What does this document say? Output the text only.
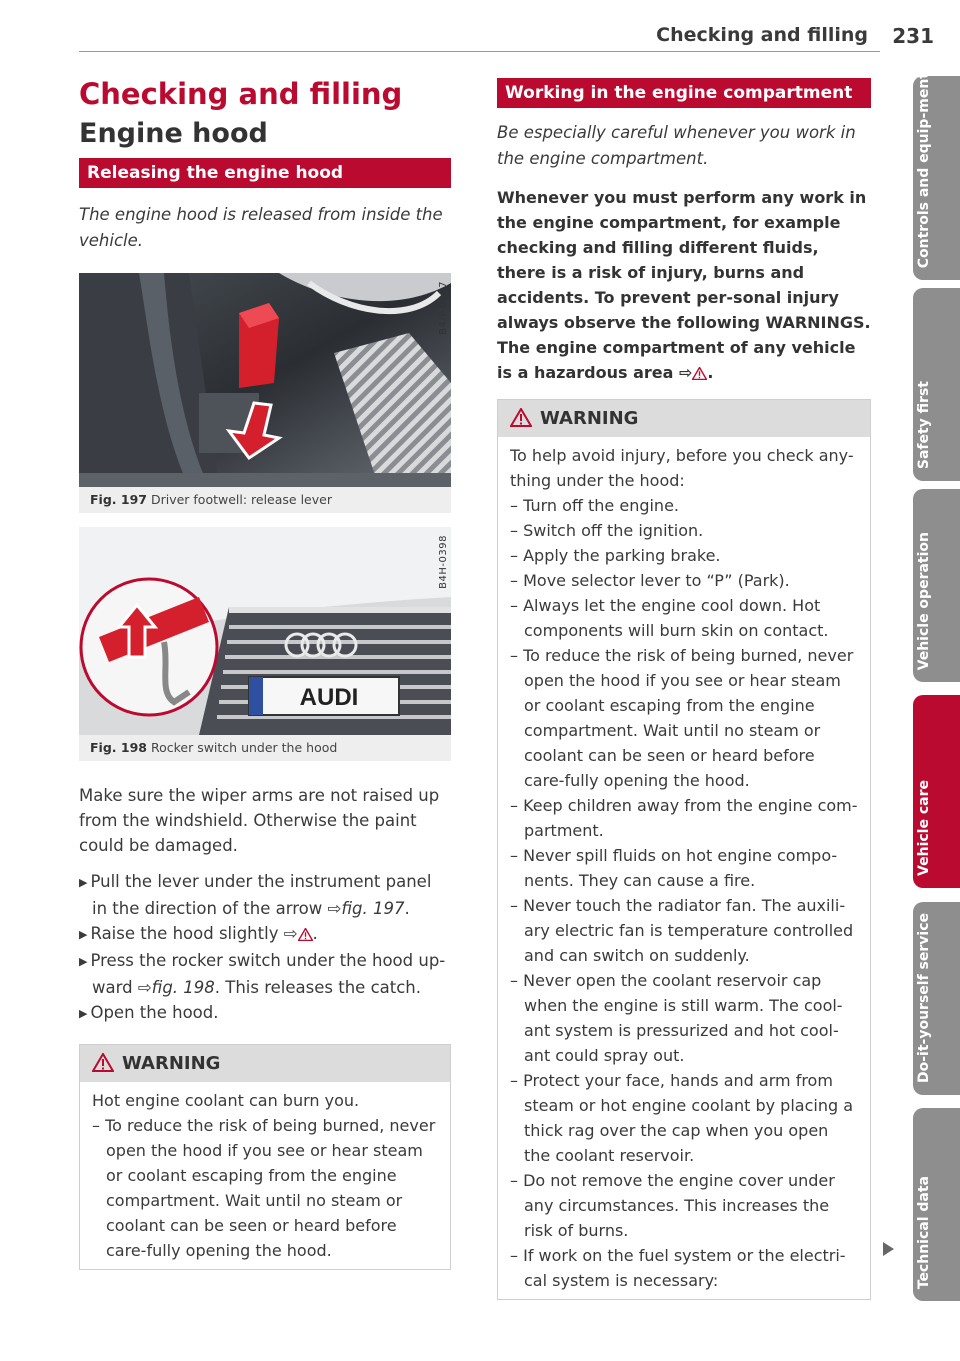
Checking and filling 231
Checking and filling
Engine hood
Releasing the engine hood
The engine hood is released from inside the vehicle.
B4H-0397
Fig. 197 Driver footwell: release lever
AUDI
B4H-0398
Fig. 198 Rocker switch under the hood
Make sure the wiper arms are not raised up from the windshield. Otherwise the paint could be damaged.
▶ Pull the lever under the instrument panel in the direction of the arrow ⇨fig. 197.
▶ Raise the hood slightly ⇨ .
▶ Press the rocker switch under the hood up-ward ⇨fig. 198. This releases the catch.
▶ Open the hood.
WARNING
Hot engine coolant can burn you.
– To reduce the risk of being burned, never open the hood if you see or hear steam or coolant escaping from the engine compartment. Wait until no steam or coolant can be seen or heard before care-fully opening the hood.
Working in the engine compartment
Be especially careful whenever you work in the engine compartment.
Whenever you must perform any work in the engine compartment, for example checking and filling different fluids, there is a risk of injury, burns and accidents. To prevent per-sonal injury always observe the following WARNINGS. The engine compartment of any vehicle is a hazardous area ⇨ .
WARNING
To help avoid injury, before you check any-thing under the hood:
– Turn off the engine.
– Switch off the ignition.
– Apply the parking brake.
– Move selector lever to “P” (Park).
– Always let the engine cool down. Hot components will burn skin on contact.
– To reduce the risk of being burned, never open the hood if you see or hear steam or coolant escaping from the engine compartment. Wait until no steam or coolant can be seen or heard before care-fully opening the hood.
– Keep children away from the engine com-partment.
– Never spill fluids on hot engine compo-nents. They can cause a fire.
– Never touch the radiator fan. The auxili-ary electric fan is temperature controlled and can switch on suddenly.
– Never open the coolant reservoir cap when the engine is still warm. The cool-ant system is pressurized and hot cool-ant could spray out.
– Protect your face, hands and arm from steam or hot engine coolant by placing a thick rag over the cap when you open the coolant reservoir.
– Do not remove the engine cover under any circumstances. This increases the risk of burns.
– If work on the fuel system or the electri-cal system is necessary:
Controls and equip-ment
Safety first
Vehicle operation
Vehicle care
Do-it-yourself service
Technical data
